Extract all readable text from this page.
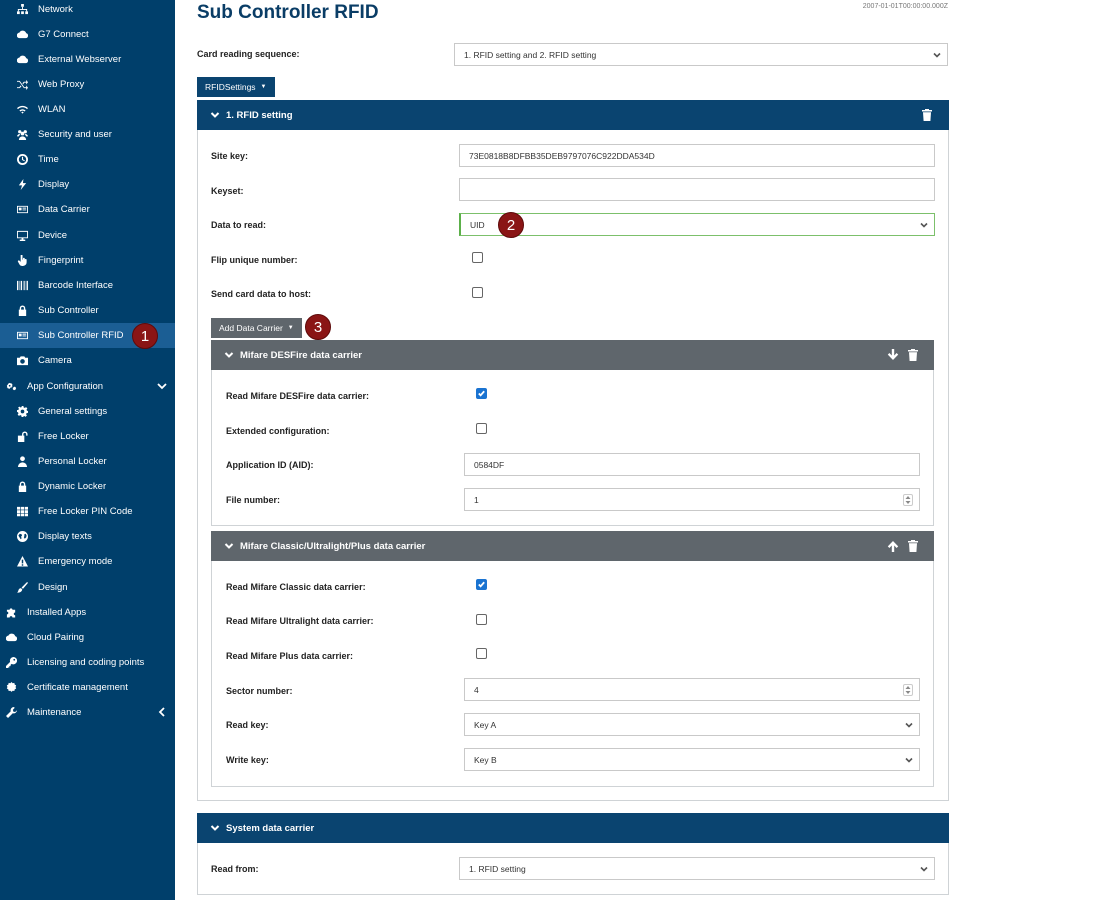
Network
G7 Connect
External Webserver
Web Proxy
WLAN
Security and user
Time
Display
Data Carrier
Device
Fingerprint
Barcode Interface
Sub Controller
Sub Controller RFID
Camera
App Configuration
General settings
Free Locker
Personal Locker
Dynamic Locker
Free Locker PIN Code
Display texts
Emergency mode
Design
Installed Apps
Cloud Pairing
Licensing and coding points
Certificate management
Maintenance
1
Sub Controller RFID	2007-01-01T00:00:00.000Z
Card reading sequence:	1. RFID setting and 2. RFID setting
RFIDSettings ▼
1. RFID setting
Site key:	73E0818B8DFBB35DEB9797076C922DDA534D
Keyset:
Data to read:	UID	2
Flip unique number:
Send card data to host:
Add Data Carrier ▼	3
Mifare DESFire data carrier
Read Mifare DESFire data carrier:
Extended configuration:
Application ID (AID):	0584DF
File number:	1
Mifare Classic/Ultralight/Plus data carrier
Read Mifare Classic data carrier:
Read Mifare Ultralight data carrier:
Read Mifare Plus data carrier:
Sector number:	4
Read key:	Key A
Write key:	Key B
System data carrier
Read from:	1. RFID setting
